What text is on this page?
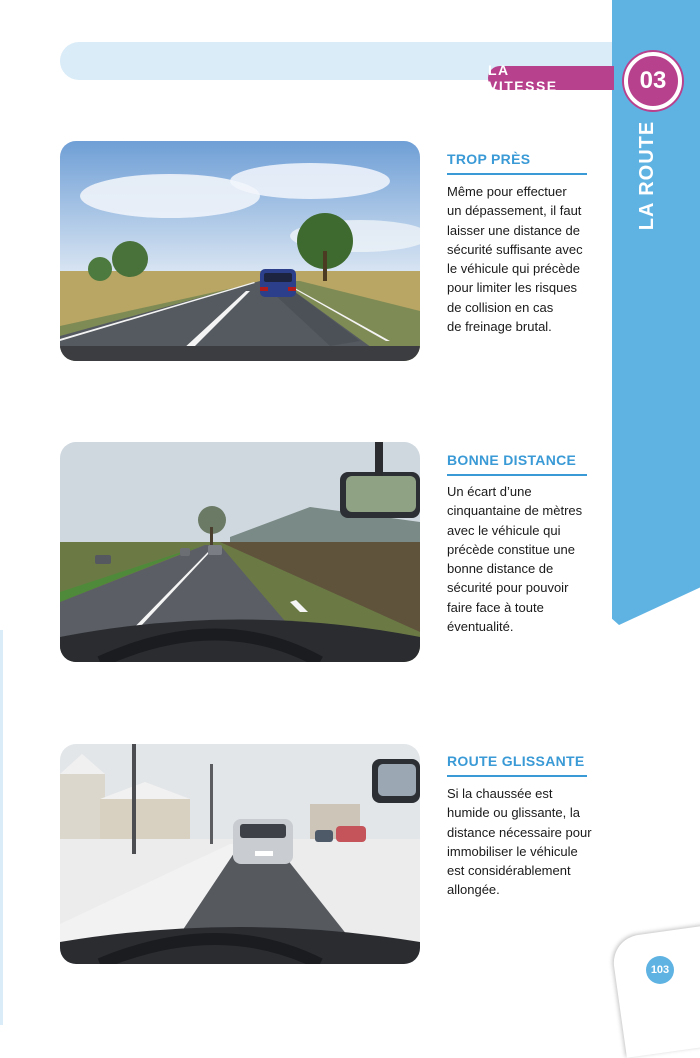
LA ROUTE
LA VITESSE	03
TROP PRÈS
Même pour effectuer
un dépassement, il faut
laisser une distance de
sécurité suffisante avec
le véhicule qui précède
pour limiter les risques
de collision en cas
de freinage brutal.
BONNE DISTANCE
Un écart d’une
cinquantaine de mètres
avec le véhicule qui
précède constitue une
bonne distance de
sécurité pour pouvoir
faire face à toute
éventualité.
ROUTE GLISSANTE
Si la chaussée est
humide ou glissante, la
distance nécessaire pour
immobiliser le véhicule
est considérablement
allongée.
103
